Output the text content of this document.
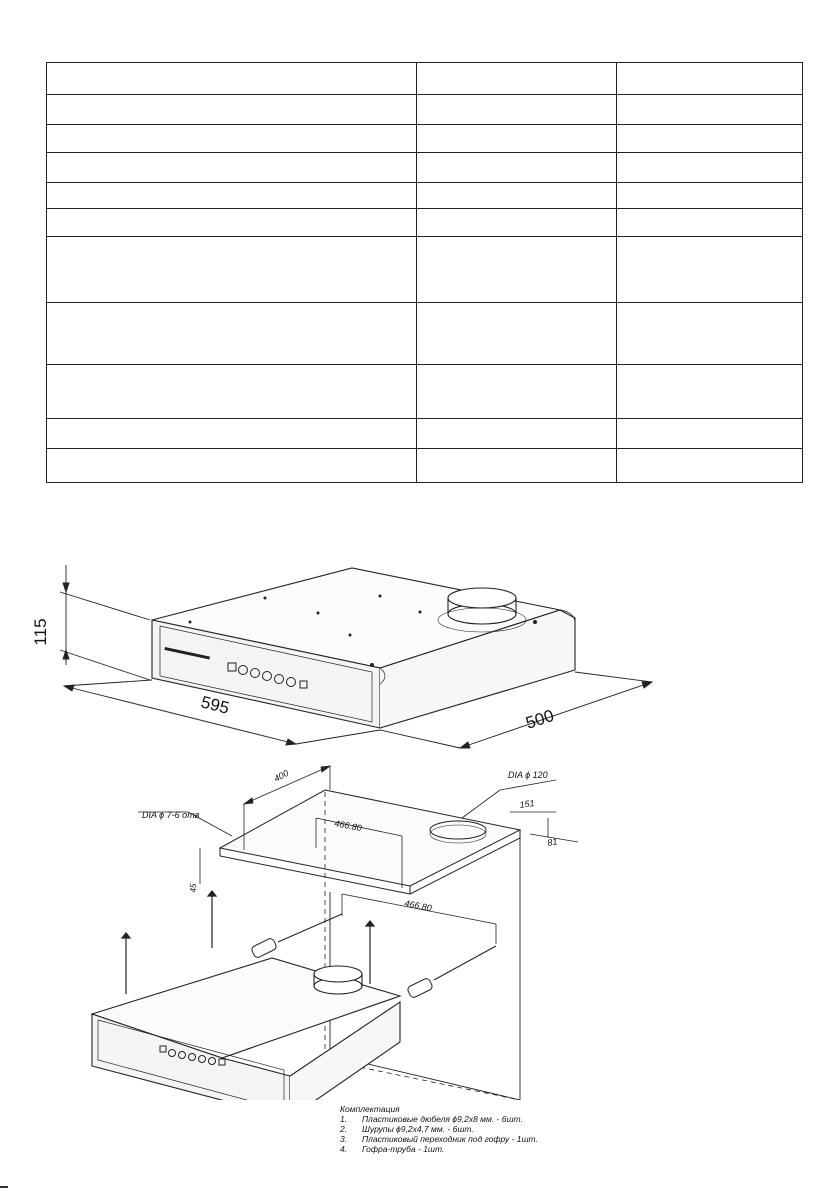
115
595
500
400
466.80
151
81
45
DIA ϕ 7-6 отв
DIA ϕ 120
466.80
Комплектация
1.	Пластиковые дюбеля ϕ9,2х8 мм. - 6шт.
2.	Шурупы ϕ9,2х4,7 мм. - 6шт.
3.	Пластиковый переходник под гофру - 1шт.
4.	Гофра-труба - 1шт.
